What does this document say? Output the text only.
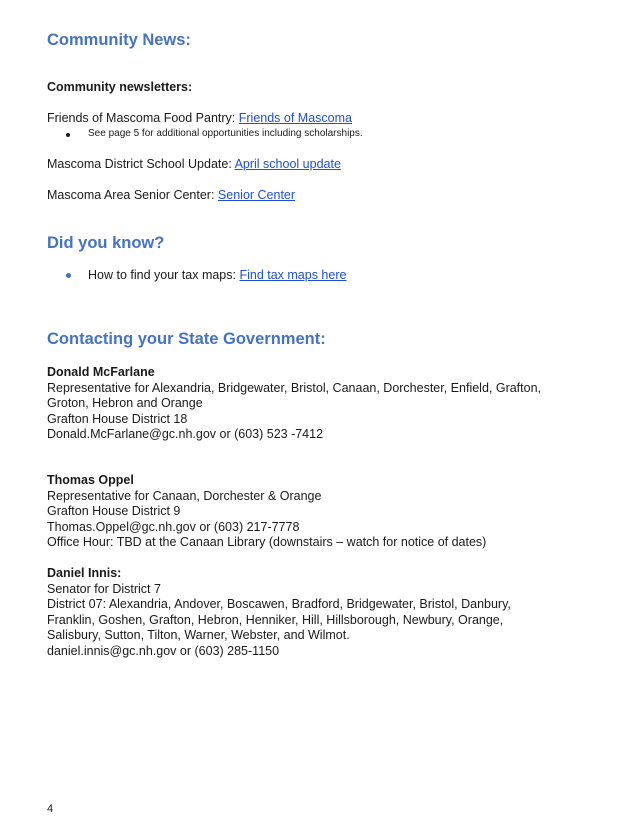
Community News:
Community newsletters:
Friends of Mascoma Food Pantry: Friends of Mascoma
See page 5 for additional opportunities including scholarships.
Mascoma District School Update: April school update
Mascoma Area Senior Center: Senior Center
Did you know?
How to find your tax maps: Find tax maps here
Contacting your State Government:
Donald McFarlane
Representative for Alexandria, Bridgewater, Bristol, Canaan, Dorchester, Enfield, Grafton,
Groton, Hebron and Orange
Grafton House District 18
Donald.McFarlane@gc.nh.gov or (603) 523 -7412
Thomas Oppel
Representative for Canaan, Dorchester & Orange
Grafton House District 9
Thomas.Oppel@gc.nh.gov or (603) 217-7778
Office Hour: TBD at the Canaan Library (downstairs – watch for notice of dates)
Daniel Innis:
Senator for District 7
District 07: Alexandria, Andover, Boscawen, Bradford, Bridgewater, Bristol, Danbury,
Franklin, Goshen, Grafton, Hebron, Henniker, Hill, Hillsborough, Newbury, Orange,
Salisbury, Sutton, Tilton, Warner, Webster, and Wilmot.
daniel.innis@gc.nh.gov or (603) 285-1150
4
